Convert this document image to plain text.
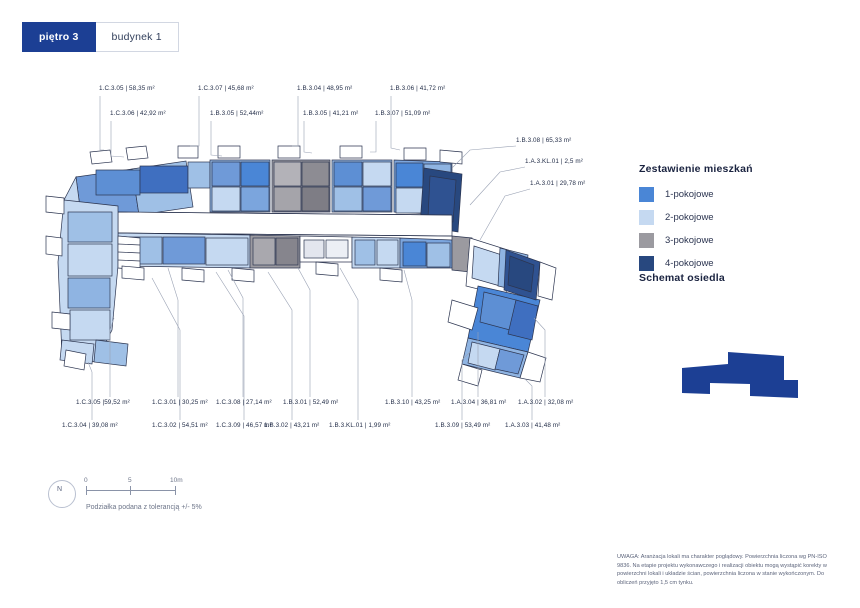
piętro 3	budynek 1
1.C.3.05 | 58,35 m²	1.C.3.07 | 45,68 m²	1.B.3.04 | 48,95 m²	1.B.3.06 | 41,72 m²
1.C.3.06 | 42,92 m²	1.B.3.05 | 52,44m²	1.B.3.05 | 41,21 m²	1.B.3.07 | 51,09 m²
1.B.3.08 | 65,33 m²
1.A.3.KL.01 | 2,5 m²
1.A.3.01 | 29,78 m²
1.C.3.05 |59,52 m²	1.C.3.01 | 30,25 m² 1.C.3.08 | 27,14 m² 1.B.3.01 | 52,49 m²	1.B.3.10 | 43,25 m² 1.A.3.04 | 36,81 m² 1.A.3.02 | 32,08 m²
1.C.3.04 | 39,08 m²	1.C.3.02 | 54,51 m² 1.C.3.09 | 46,57 m²
1.B.3.02 | 43,21 m² 1.B.3.KL.01 | 1,99 m²	1.B.3.09 | 53,49 m² 1.A.3.03 | 41,48 m²
Zestawienie mieszkań
1-pokojowe
2-pokojowe
3-pokojowe
4-pokojowe
Schemat osiedla
N
0	5	10m
Podziałka podana z tolerancją +/- 5%
UWAGA: Aranżacja lokali ma charakter poglądowy. Powierzchnia liczona wg PN-ISO 9836. Na etapie projektu wykonawczego i realizacji obiektu mogą wystąpić korekty w powierzchni lokali i układzie ścian, powierzchnia liczona w stanie wykończonym. Do obliczeń przyjęto 1,5 cm tynku.
